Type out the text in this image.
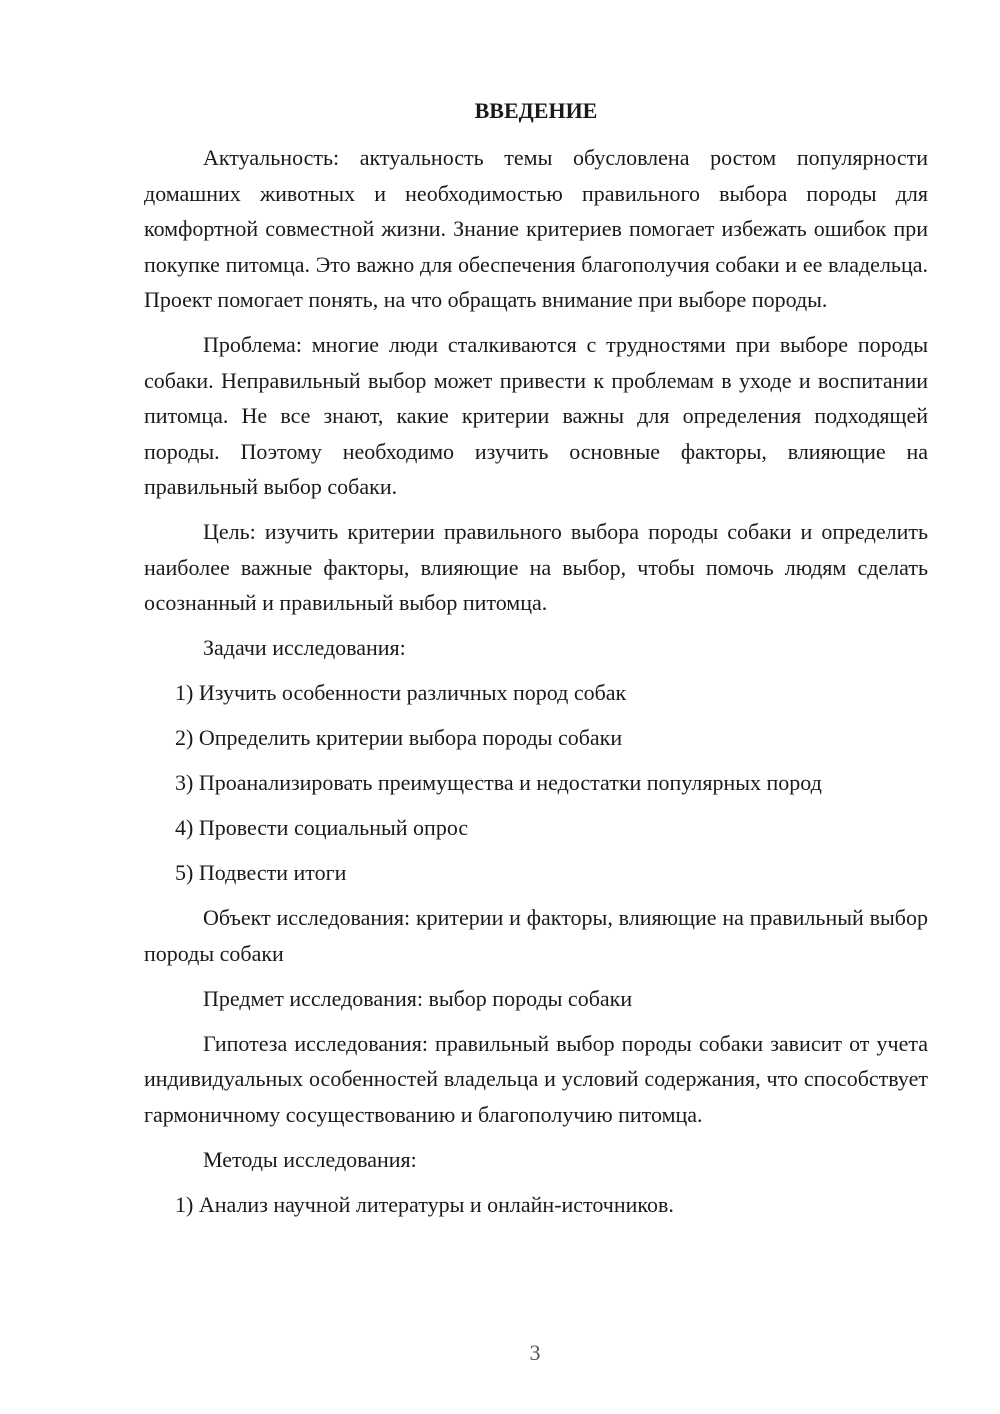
ВВЕДЕНИЕ

Актуальность: актуальность темы обусловлена ростом популярности домашних животных и необходимостью правильного выбора породы для комфортной совместной жизни. Знание критериев помогает избежать ошибок при покупке питомца. Это важно для обеспечения благополучия собаки и ее владельца. Проект помогает понять, на что обращать внимание при выборе породы.

Проблема: многие люди сталкиваются с трудностями при выборе породы собаки. Неправильный выбор может привести к проблемам в уходе и воспитании питомца. Не все знают, какие критерии важны для определения подходящей породы. Поэтому необходимо изучить основные факторы, влияющие на правильный выбор собаки.

Цель: изучить критерии правильного выбора породы собаки и определить наиболее важные факторы, влияющие на выбор, чтобы помочь людям сделать осознанный и правильный выбор питомца.

Задачи исследования:

1) Изучить особенности различных пород собак

2) Определить критерии выбора породы собаки

3) Проанализировать преимущества и недостатки популярных пород

4) Провести социальный опрос

5) Подвести итоги

Объект исследования: критерии и факторы, влияющие на правильный выбор породы собаки

Предмет исследования: выбор породы собаки

Гипотеза исследования: правильный выбор породы собаки зависит от учета индивидуальных особенностей владельца и условий содержания, что способствует гармоничному сосуществованию и благополучию питомца.

Методы исследования:

1) Анализ научной литературы и онлайн-источников.

3
